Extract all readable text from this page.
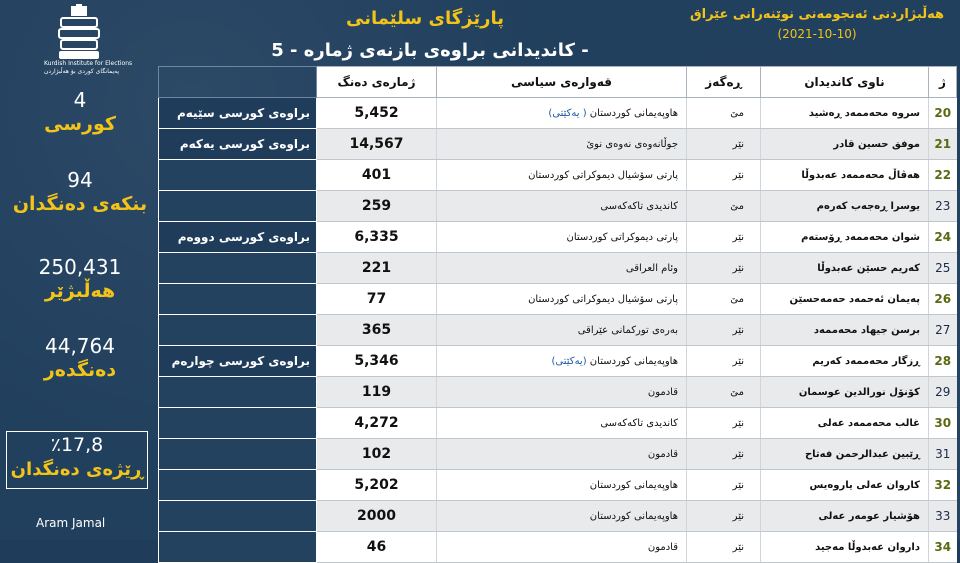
Kurdish Institute for Elections
پەیمانگای کوردی بۆ هەڵبژاردن
4
کورسی
94
بنکەی دەنگدان
250,431
هەڵبژێر
44,764
دەنگدەر
٪17,8
ڕێژەی دەنگدان
Aram Jamal
پارێزگای سلێمانی
کاندیدانی براوەی بازنەی ژمارە - 5 -
هەڵبژاردنی ئەنجومەنی نوێنەرانی عێراق
(2021-10-10)
	ژمارەی دەنگ	قەوارەی سیاسی	ڕەگەز	ناوی کاندیدان	ژ
براوەی کورسی سێیەم	5,452	هاوپەیمانی کوردستان ( یەکێتی)	مێ	سروە محەممەد ڕەشید	20
براوەی کورسی یەکەم	14,567	جوڵانەوەی نەوەی نوێ	نێر	موفق حسین قادر	21
	401	پارتی سۆشیال دیموکراتی کوردستان	نێر	هەڤاڵ محەممەد عەبدوڵا	22
	259	کاندیدی تاکەکەسی	مێ	یوسرا ڕەجەب کەرەم	23
براوەی کورسی دووەم	6,335	پارتی دیموکراتی کوردستان	نێر	شوان محەممەد ڕۆستەم	24
	221	وئام العراقی	نێر	کەریم حسێن عەبدوڵا	25
	77	پارتی سۆشیال دیموکراتی کوردستان	مێ	پەیمان ئەحمەد حەمەحسێن	26
	365	بەرەی تورکمانی عێراقی	نێر	برسن جیهاد محەممەد	27
براوەی کورسی چوارەم	5,346	هاوپەیمانی کوردستان (یەکێتی)	نێر	ڕزگار محەممەد کەریم	28
	119	قادمون	مێ	کۆنۆل نورالدین عوسمان	29
	4,272	کاندیدی تاکەکەسی	نێر	غالب محەممەد عەلی	30
	102	قادمون	نێر	ڕێبین عبدالرحمن فەتاح	31
	5,202	هاوپەیمانی کوردستان	نێر	کاروان عەلی یاروەیس	32
	2000	هاوپەیمانی کوردستان	نێر	هۆشیار عومەر عەلی	33
	46	قادمون	نێر	داروان عەبدوڵا مەجید	34
